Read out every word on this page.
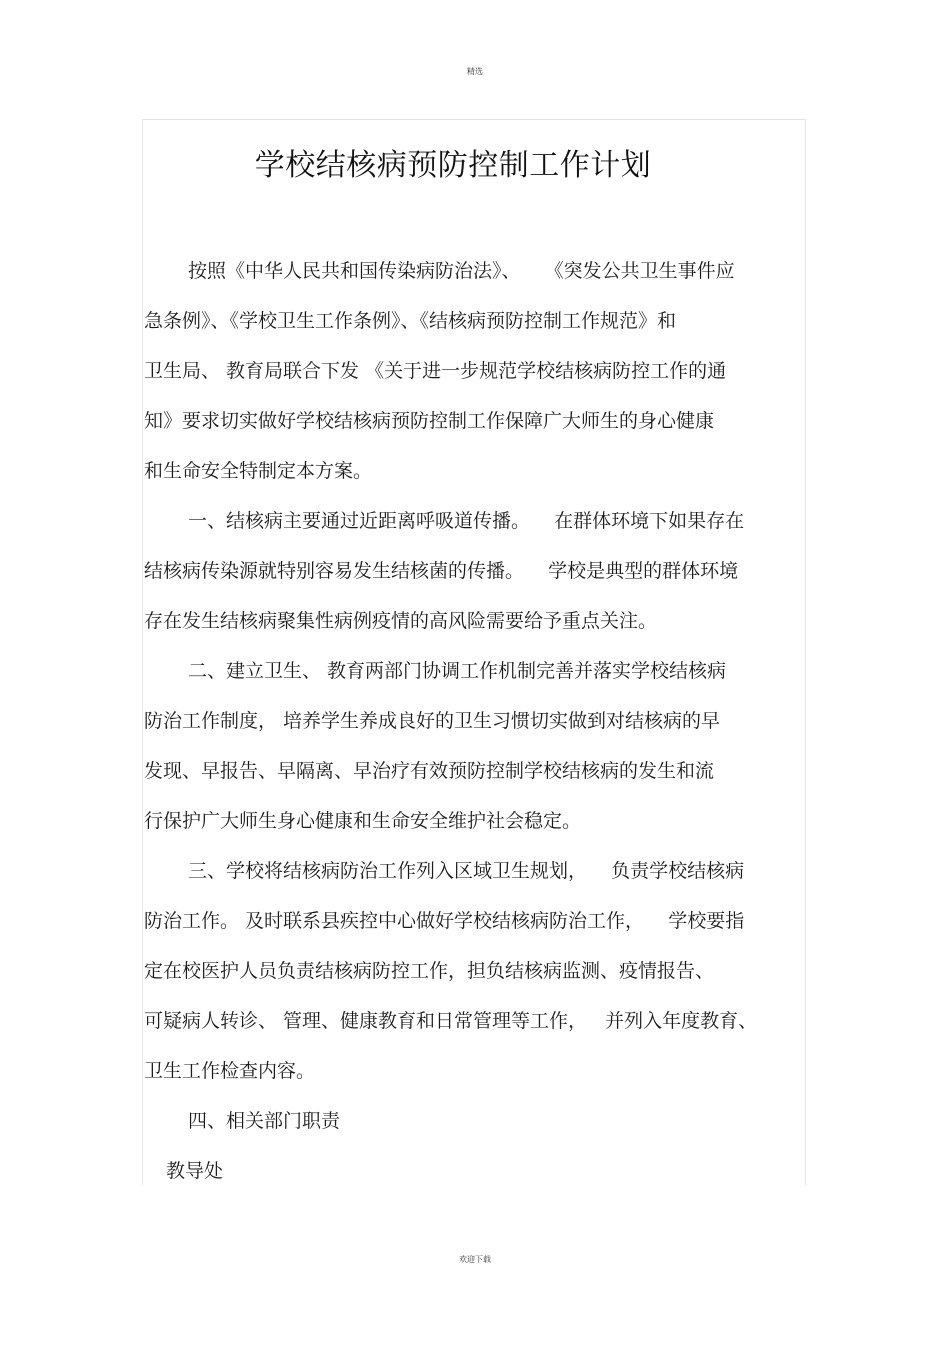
精选
学校结核病预防控制工作计划
按照《中华人民共和国传染病防治法》、    《突发公共卫生事件应
急条例》、《学校卫生工作条例》、《结核病预防控制工作规范》和
卫生局、 教育局联合下发 《关于进一步规范学校结核病防控工作的通
知》要求切实做好学校结核病预防控制工作保障广大师生的身心健康
和生命安全特制定本方案。
一、结核病主要通过近距离呼吸道传播。    在群体环境下如果存在
结核病传染源就特别容易发生结核菌的传播。    学校是典型的群体环境
存在发生结核病聚集性病例疫情的高风险需要给予重点关注。
二、建立卫生、 教育两部门协调工作机制完善并落实学校结核病
防治工作制度， 培养学生养成良好的卫生习惯切实做到对结核病的早
发现、早报告、早隔离、早治疗有效预防控制学校结核病的发生和流
行保护广大师生身心健康和生命安全维护社会稳定。
三、学校将结核病防治工作列入区域卫生规划，    负责学校结核病
防治工作。 及时联系县疾控中心做好学校结核病防治工作，    学校要指
定在校医护人员负责结核病防控工作，担负结核病监测、疫情报告、
可疑病人转诊、 管理、健康教育和日常管理等工作，   并列入年度教育、
卫生工作检查内容。
四、相关部门职责
教导处
欢迎下载
